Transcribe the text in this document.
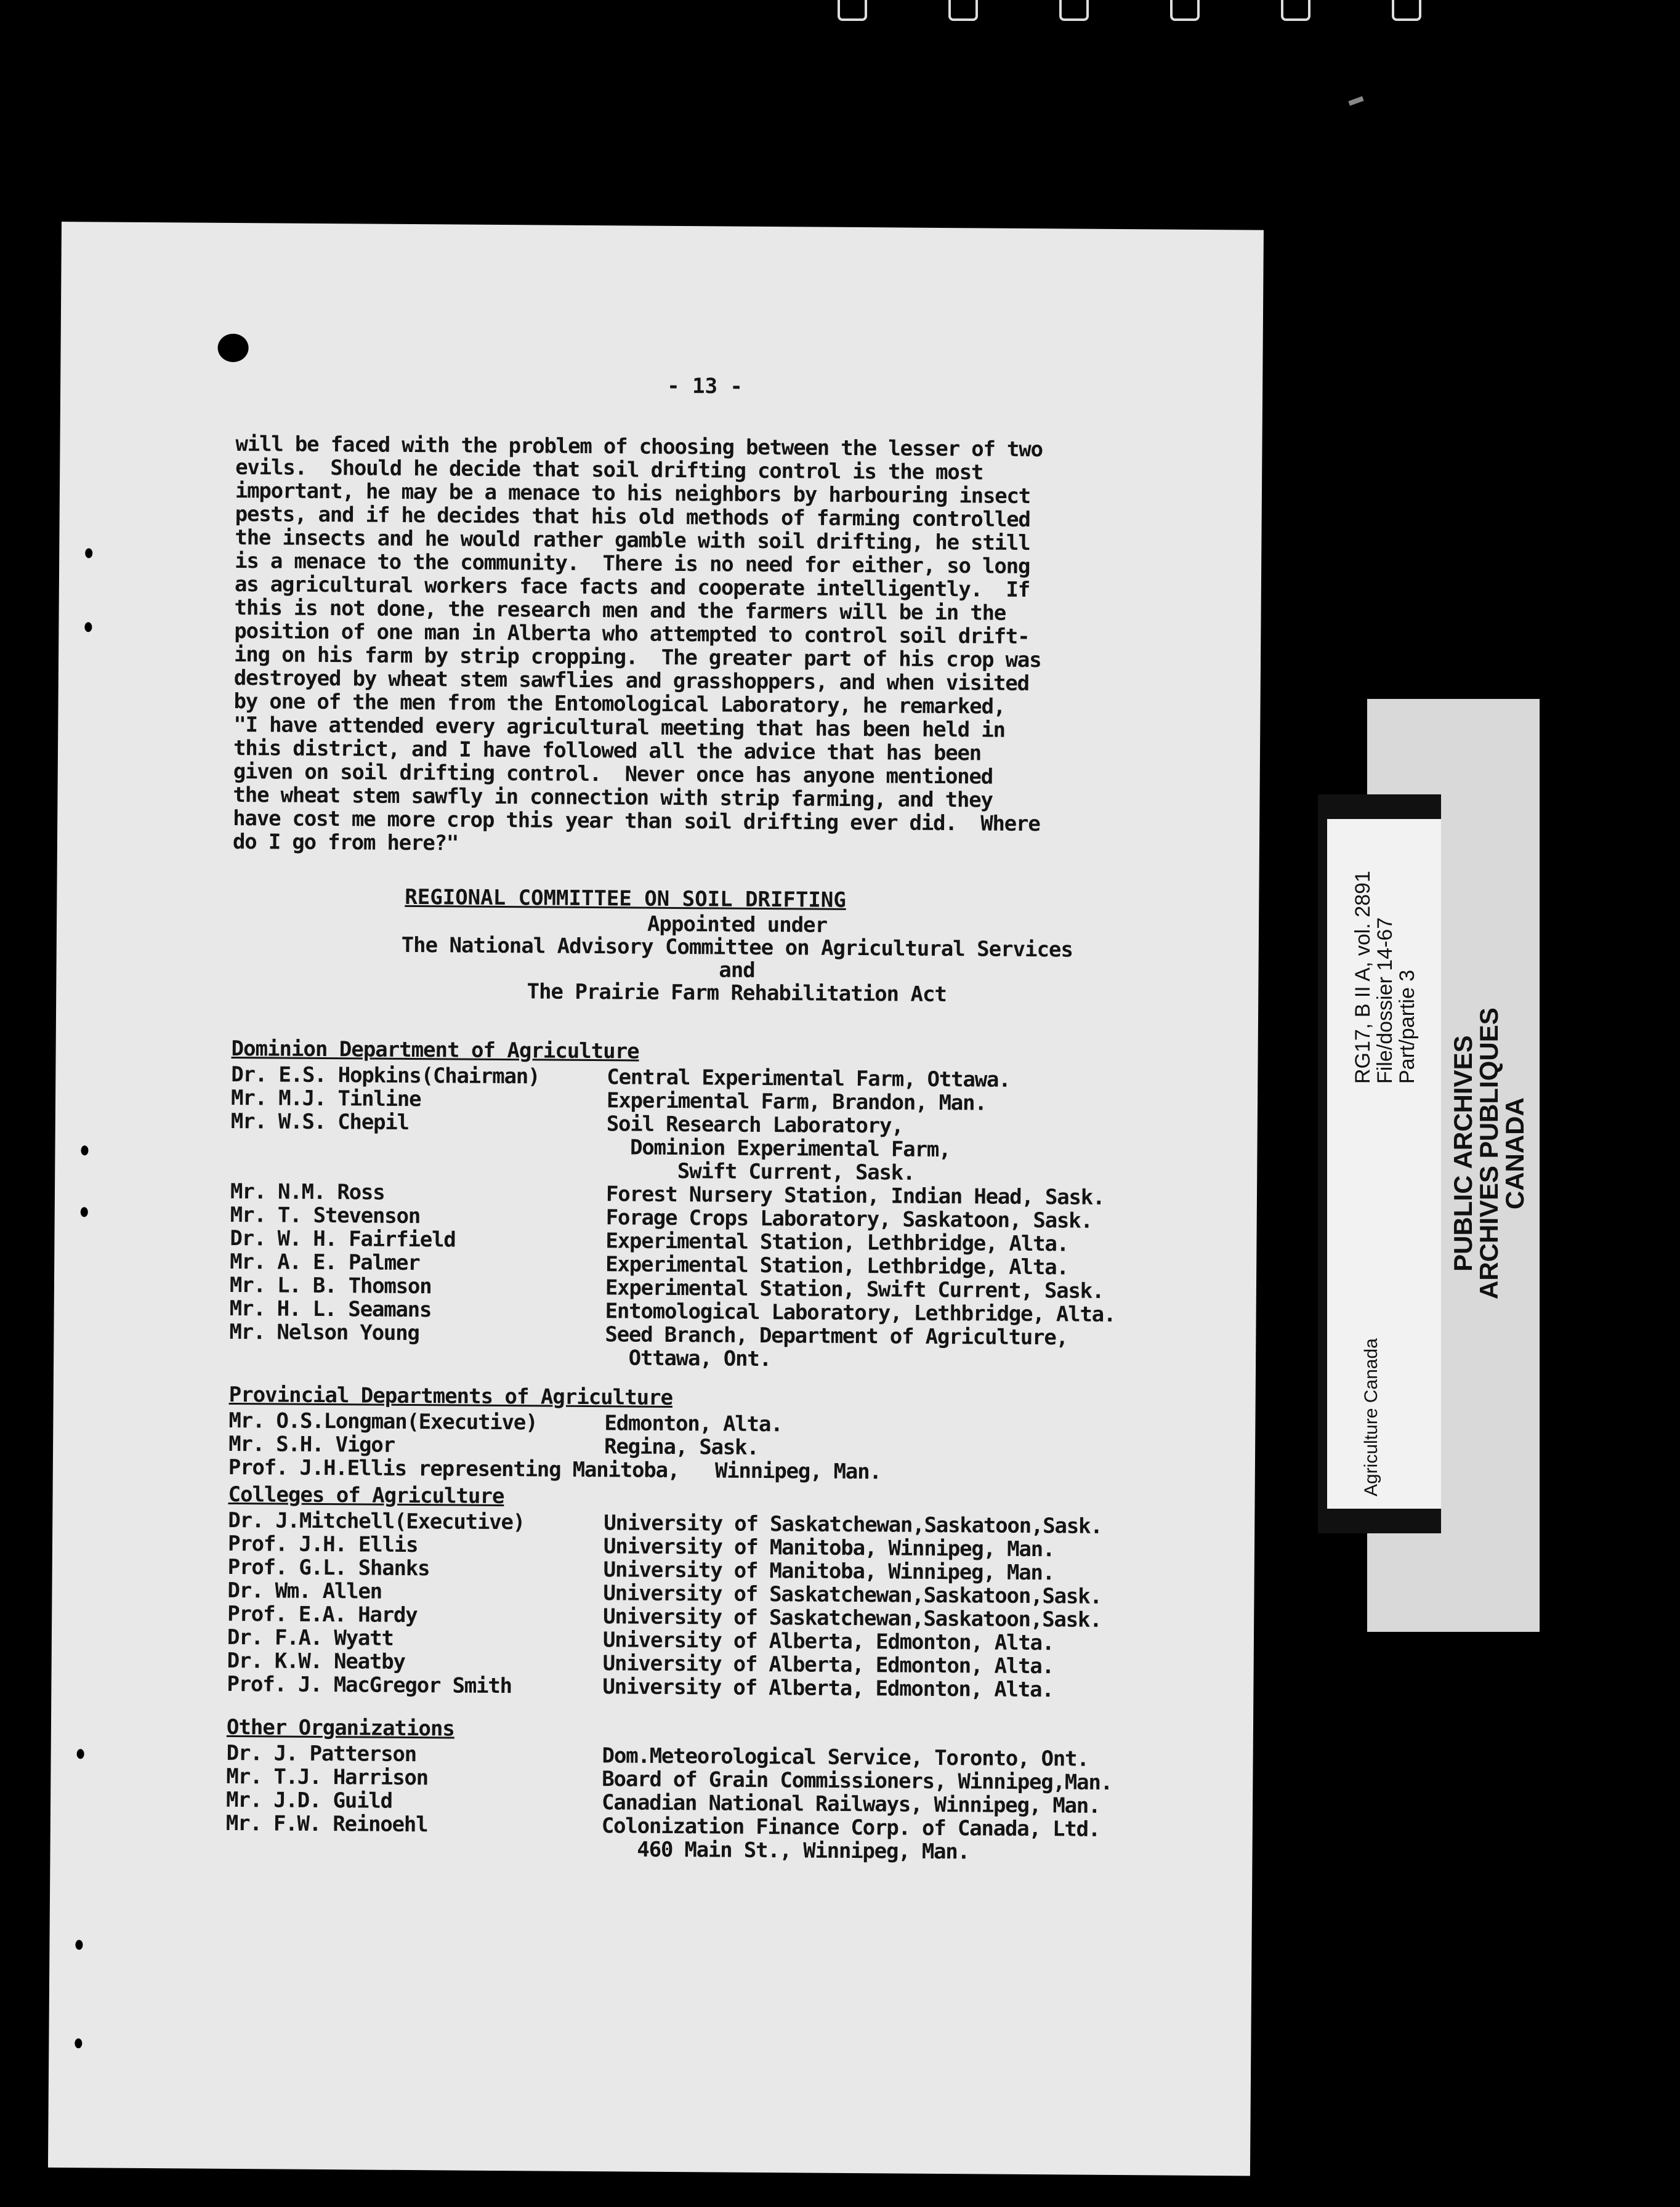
- 13 -
will be faced with the problem of choosing between the lesser of two
evils.  Should he decide that soil drifting control is the most
important, he may be a menace to his neighbors by harbouring insect
pests, and if he decides that his old methods of farming controlled
the insects and he would rather gamble with soil drifting, he still
is a menace to the community.  There is no need for either, so long
as agricultural workers face facts and cooperate intelligently.  If
this is not done, the research men and the farmers will be in the
position of one man in Alberta who attempted to control soil drift-
ing on his farm by strip cropping.  The greater part of his crop was
destroyed by wheat stem sawflies and grasshoppers, and when visited
by one of the men from the Entomological Laboratory, he remarked,
"I have attended every agricultural meeting that has been held in
this district, and I have followed all the advice that has been
given on soil drifting control.  Never once has anyone mentioned
the wheat stem sawfly in connection with strip farming, and they
have cost me more crop this year than soil drifting ever did.  Where
do I go from here?"
REGIONAL COMMITTEE ON SOIL DRIFTING
Appointed under
The National Advisory Committee on Agricultural Services
and
The Prairie Farm Rehabilitation Act
Dominion Department of Agriculture
Dr. E.S. Hopkins(Chairman)	Central Experimental Farm, Ottawa.
Mr. M.J. Tinline	Experimental Farm, Brandon, Man.
Mr. W.S. Chepil	Soil Research Laboratory,
Dominion Experimental Farm,
Swift Current, Sask.
Mr. N.M. Ross	Forest Nursery Station, Indian Head, Sask.
Mr. T. Stevenson	Forage Crops Laboratory, Saskatoon, Sask.
Dr. W. H. Fairfield	Experimental Station, Lethbridge, Alta.
Mr. A. E. Palmer	Experimental Station, Lethbridge, Alta.
Mr. L. B. Thomson	Experimental Station, Swift Current, Sask.
Mr. H. L. Seamans	Entomological Laboratory, Lethbridge, Alta.
Mr. Nelson Young	Seed Branch, Department of Agriculture,
Ottawa, Ont.
Provincial Departments of Agriculture
Mr. O.S.Longman(Executive)	Edmonton, Alta.
Mr. S.H. Vigor	Regina, Sask.
Prof. J.H.Ellis representing Manitoba,   Winnipeg, Man.
Colleges of Agriculture
Dr. J.Mitchell(Executive)	University of Saskatchewan,Saskatoon,Sask.
Prof. J.H. Ellis	University of Manitoba, Winnipeg, Man.
Prof. G.L. Shanks	University of Manitoba, Winnipeg, Man.
Dr. Wm. Allen	University of Saskatchewan,Saskatoon,Sask.
Prof. E.A. Hardy	University of Saskatchewan,Saskatoon,Sask.
Dr. F.A. Wyatt	University of Alberta, Edmonton, Alta.
Dr. K.W. Neatby	University of Alberta, Edmonton, Alta.
Prof. J. MacGregor Smith	University of Alberta, Edmonton, Alta.
Other Organizations
Dr. J. Patterson	Dom.Meteorological Service, Toronto, Ont.
Mr. T.J. Harrison	Board of Grain Commissioners, Winnipeg,Man.
Mr. J.D. Guild	Canadian National Railways, Winnipeg, Man.
Mr. F.W. Reinoehl	Colonization Finance Corp. of Canada, Ltd.
460 Main St., Winnipeg, Man.
RG17, B II A, vol. 2891
File/dossier 14-67
Part/partie 3
Agriculture Canada
PUBLIC ARCHIVES
ARCHIVES PUBLIQUES
CANADA
